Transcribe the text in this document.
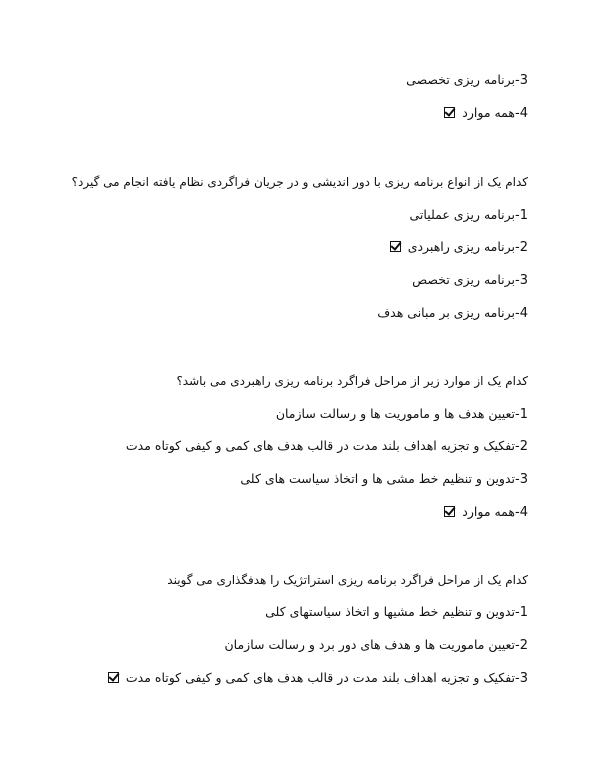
3-برنامه ریزی تخصصی
4-همه موارد
کدام یک از انواع برنامه ریزی با دور اندیشی و در جریان فراگردی نظام یافته انجام می گیرد؟
1-برنامه ریزی عملیاتی
2-برنامه ریزی راهبردی
3-برنامه ریزی تخصص
4-برنامه ریزی بر مبانی هدف
کدام یک از موارد زیر از مراحل فراگرد برنامه ریزی راهبردی می باشد؟
1-تعیین هدف ها و ماموریت ها و رسالت سازمان
2-تفکیک و تجزیه اهداف بلند مدت در قالب هدف های کمی و کیفی کوتاه مدت
3-تدوین و تنظیم خط مشی ها و اتخاذ سیاست های کلی
4-همه موارد
کدام یک از مراحل فراگرد برنامه ریزی استراتژیک را هدفگذاری می گویند
1-تدوین و تنظیم خط مشیها و اتخاذ سیاستهای کلی
2-تعیین ماموریت ها و هدف های دور برد و رسالت سازمان
3-تفکیک و تجزیه اهداف بلند مدت در قالب هدف های کمی و کیفی کوتاه مدت
